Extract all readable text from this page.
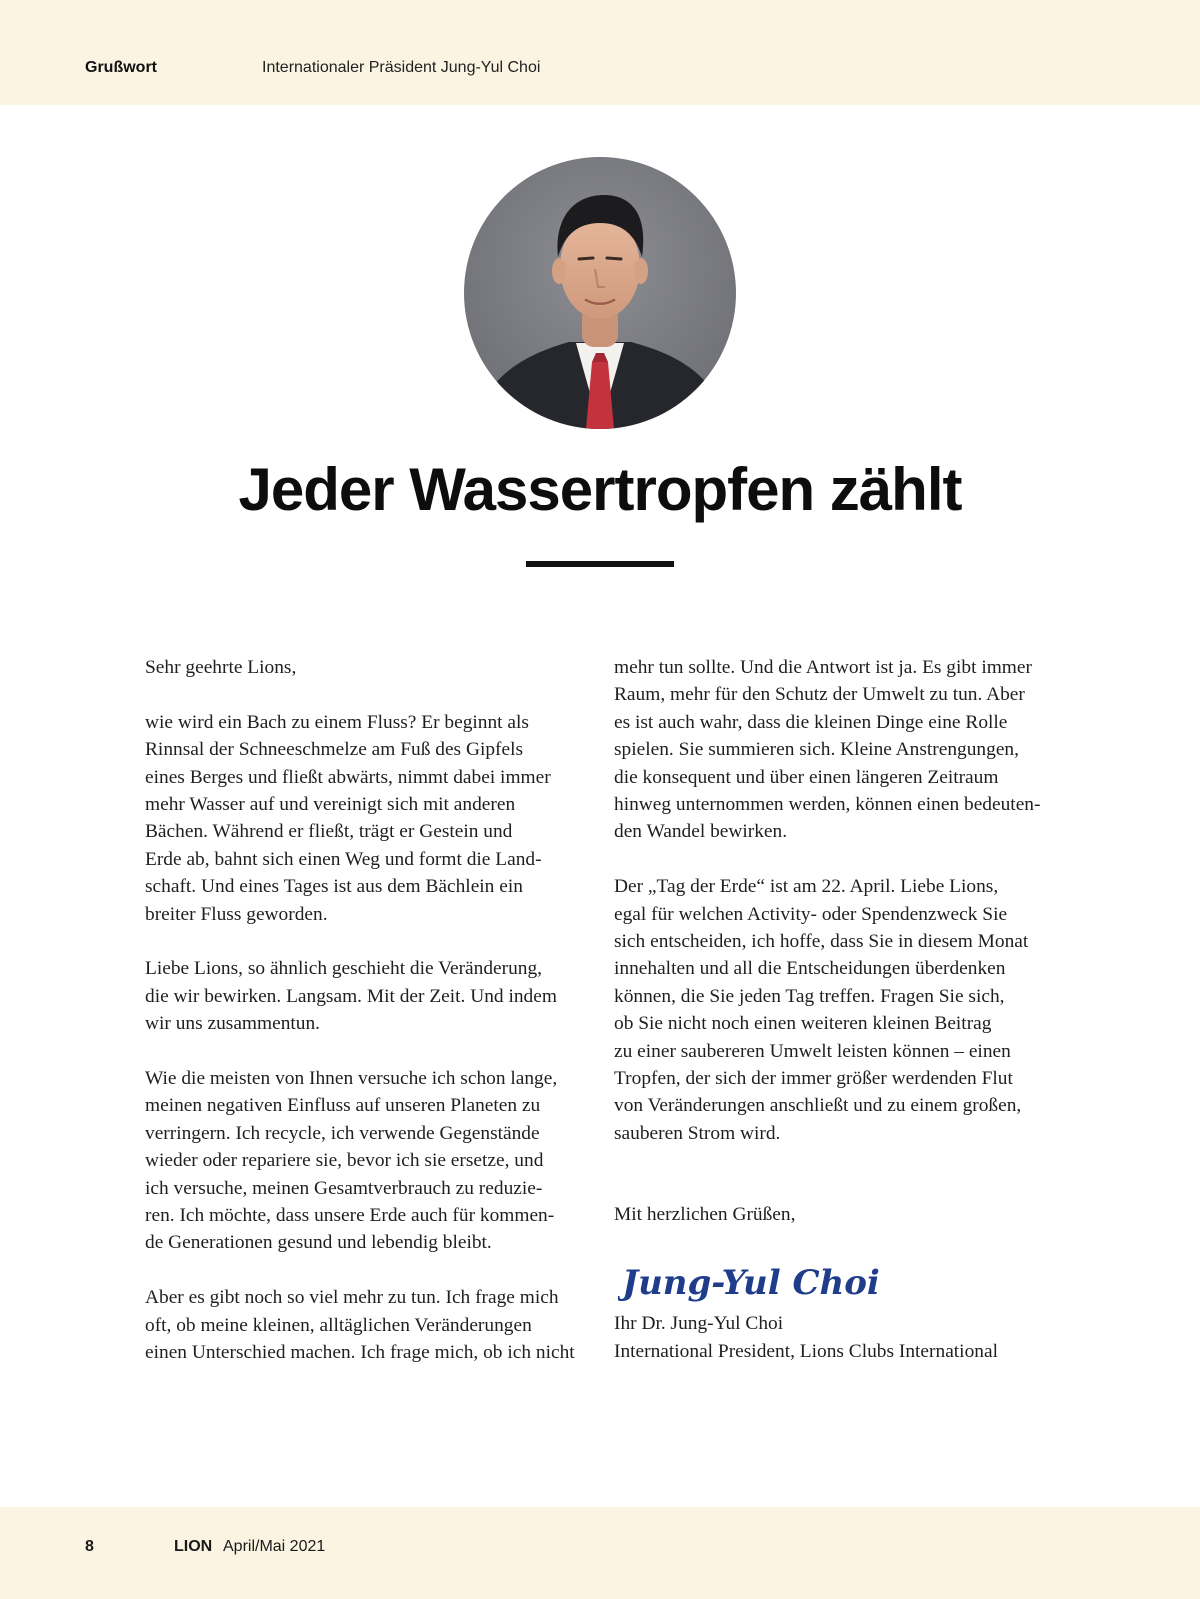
Grußwort	Internationaler Präsident Jung-Yul Choi
Jeder Wassertropfen zählt

Sehr geehrte Lions,

wie wird ein Bach zu einem Fluss? Er beginnt als
Rinnsal der Schneeschmelze am Fuß des Gipfels
eines Berges und fließt abwärts, nimmt dabei immer
mehr Wasser auf und vereinigt sich mit anderen
Bächen. Während er fließt, trägt er Gestein und
Erde ab, bahnt sich einen Weg und formt die Land-
schaft. Und eines Tages ist aus dem Bächlein ein
breiter Fluss geworden.

Liebe Lions, so ähnlich geschieht die Veränderung,
die wir bewirken. Langsam. Mit der Zeit. Und indem
wir uns zusammentun.

Wie die meisten von Ihnen versuche ich schon lange,
meinen negativen Einfluss auf unseren Planeten zu
verringern. Ich recycle, ich verwende Gegenstände
wieder oder repariere sie, bevor ich sie ersetze, und
ich versuche, meinen Gesamtverbrauch zu reduzie-
ren. Ich möchte, dass unsere Erde auch für kommen-
de Generationen gesund und lebendig bleibt.

Aber es gibt noch so viel mehr zu tun. Ich frage mich
oft, ob meine kleinen, alltäglichen Veränderungen
einen Unterschied machen. Ich frage mich, ob ich nicht

mehr tun sollte. Und die Antwort ist ja. Es gibt immer
Raum, mehr für den Schutz der Umwelt zu tun. Aber
es ist auch wahr, dass die kleinen Dinge eine Rolle
spielen. Sie summieren sich. Kleine Anstrengungen,
die konsequent und über einen längeren Zeitraum
hinweg unternommen werden, können einen bedeuten-
den Wandel bewirken.

Der „Tag der Erde“ ist am 22. April. Liebe Lions,
egal für welchen Activity- oder Spendenzweck Sie
sich entscheiden, ich hoffe, dass Sie in diesem Monat
innehalten und all die Entscheidungen überdenken
können, die Sie jeden Tag treffen. Fragen Sie sich,
ob Sie nicht noch einen weiteren kleinen Beitrag
zu einer saubereren Umwelt leisten können – einen
Tropfen, der sich der immer größer werdenden Flut
von Veränderungen anschließt und zu einem großen,
sauberen Strom wird.

Mit herzlichen Grüßen,

Jung-Yul Choi

Ihr Dr. Jung-Yul Choi

International President, Lions Clubs International

8	LION April/Mai 2021
